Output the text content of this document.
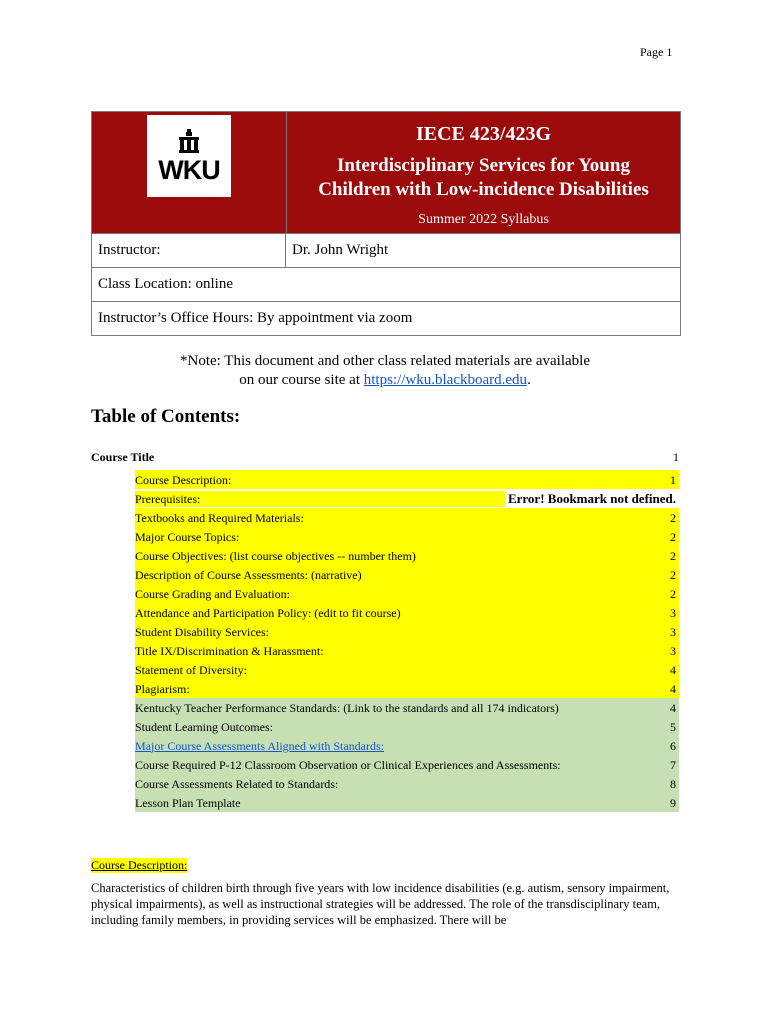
Page 1
WKU
IECE 423/423G
Interdisciplinary Services for Young
Children with Low-incidence Disabilities
Summer 2022 Syllabus
Instructor:	Dr. John Wright
Class Location: online
Instructor’s Office Hours: By appointment via zoom
*Note: This document and other class related materials are available
on our course site at https://wku.blackboard.edu.
Table of Contents:
Course Title	1
Course Description:	1
Prerequisites:	Error! Bookmark not defined.
Textbooks and Required Materials:	2
Major Course Topics:	2
Course Objectives: (list course objectives -- number them)	2
Description of Course Assessments: (narrative)	2
Course Grading and Evaluation:	2
Attendance and Participation Policy: (edit to fit course)	3
Student Disability Services:	3
Title IX/Discrimination & Harassment:	3
Statement of Diversity:	4
Plagiarism:	4
Kentucky Teacher Performance Standards: (Link to the standards and all 174 indicators)	4
Student Learning Outcomes:	5
Major Course Assessments Aligned with Standards:	6
Course Required P-12 Classroom Observation or Clinical Experiences and Assessments:	7
Course Assessments Related to Standards:	8
Lesson Plan Template	9
Course Description:
Characteristics of children birth through five years with low incidence disabilities (e.g. autism, sensory impairment, physical impairments), as well as instructional strategies will be addressed. The role of the transdisciplinary team, including family members, in providing services will be emphasized. There will be
